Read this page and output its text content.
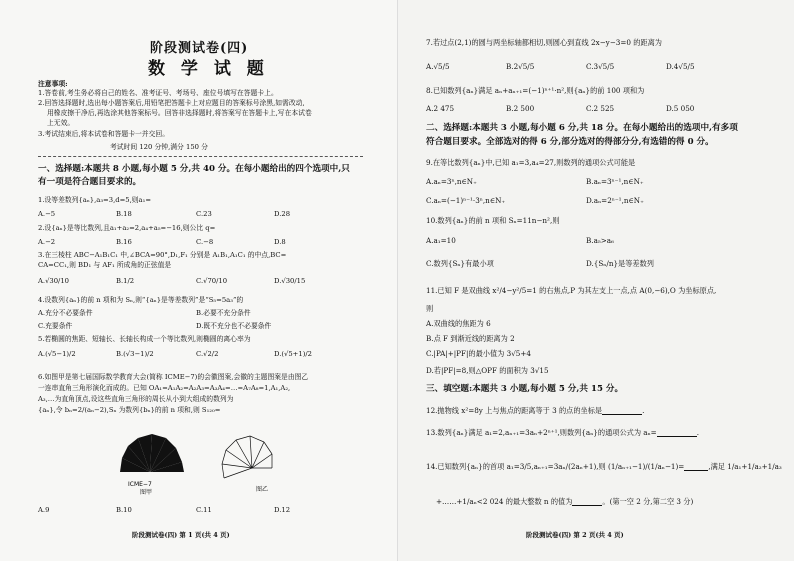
阶段测试卷(四)
数 学 试 题
注意事项:
1.答卷前,考生务必将自己的姓名、准考证号、考场号、座位号填写在答题卡上。
2.回答选择题时,选出每小题答案后,用铅笔把答题卡上对应题目的答案标号涂黑,如需改动,
用橡皮擦干净后,再选涂其他答案标号。回答非选择题时,将答案写在答题卡上,写在本试卷
上无效。
3.考试结束后,将本试卷和答题卡一并交回。
考试时间 120 分钟,满分 150 分
一、选择题:本题共 8 小题,每小题 5 分,共 40 分。在每小题给出的四个选项中,只
有一项是符合题目要求的。
1.设等差数列{aₙ},a₃=3,d=5,则a₁=
A.−5	B.18	C.23	D.28
2.设{aₙ}是等比数列,且a₁+a₂=2,a₄+a₅=−16,则公比 q=
A.−2	B.16	C.−8	D.8
3.在三棱柱 ABC−A₁B₁C₁ 中,∠BCA=90°,D₁,F₁ 分别是 A₁B₁,A₁C₁ 的中点,BC=
CA=CC₁,则 BD₁ 与 AF₁ 所成角的正弦值是
A.√30/10	B.1/2	C.√70/10	D.√30/15
4.设数列{aₙ}的前 n 项和为 Sₙ,则“{aₙ}是等差数列”是“S₅=5a₃”的
A.充分不必要条件	B.必要不充分条件
C.充要条件	D.既不充分也不必要条件
5.若椭圆的焦距、短轴长、长轴长构成一个等比数列,则椭圆的离心率为
A.(√5−1)/2	B.(√3−1)/2	C.√2/2	D.(√5+1)/2
6.如图甲是第七届国际数学教育大会(简称 ICME−7)的会徽图案,会徽的主题图案是由图乙
一连串直角三角形演化而成的。已知 OA₁=A₁A₂=A₂A₃=A₃A₄=…=A₇A₈=1,A₁,A₂,
A₃,…为直角顶点,设这些直角三角形的周长从小到大组成的数列为
{aₙ},令 bₙ=2/(aₙ−2),Sₙ 为数列{bₙ}的前 n 项和,则 S₁₂₀=
ICME−7
图甲	图乙
A.9	B.10	C.11	D.12
阶段测试卷(四) 第 1 页(共 4 页)
7.若过点(2,1)的圆与两坐标轴都相切,则圆心到直线 2x−y−3=0 的距离为
A.√5/5	B.2√5/5	C.3√5/5	D.4√5/5
8.已知数列{aₙ}满足 aₙ+aₙ₊₁=(−1)ⁿ⁺¹·n²,则{aₙ}的前 100 项和为
A.2 475	B.2 500	C.2 525	D.5 050
二、选择题:本题共 3 小题,每小题 6 分,共 18 分。在每小题给出的选项中,有多项
符合题目要求。全部选对的得 6 分,部分选对的得部分分,有选错的得 0 分。
9.在等比数列{aₙ}中,已知 a₁=3,a₄=27,则数列的通项公式可能是
A.aₙ=3ⁿ,n∈N₊	B.aₙ=3ⁿ⁻¹,n∈N₊
C.aₙ=(−1)ⁿ⁻¹·3ⁿ,n∈N₊	D.aₙ=2ⁿ⁻¹,n∈N₊
10.数列{aₙ}的前 n 项和 Sₙ=11n−n²,则
A.a₁=10	B.a₅>a₆
C.数列{Sₙ}有最小项	D.{Sₙ/n}是等差数列
11.已知 F 是双曲线 x²/4−y²/5=1 的右焦点,P 为其左支上一点,点 A(0,−6),O 为坐标原点,
则
A.双曲线的焦距为 6
B.点 F 到渐近线的距离为 2
C.|PA|+|PF|的最小值为 3√5+4
D.若|PF|=8,则△OPF 的面积为 3√15
三、填空题:本题共 3 小题,每小题 5 分,共 15 分。
12.抛物线 x²=8y 上与焦点的距离等于 3 的点的坐标是	.
13.数列{aₙ}满足 a₁=2,aₙ₊₁=3aₙ+2ⁿ⁺¹,则数列{aₙ}的通项公式为 aₙ=	.
14.已知数列{aₙ}的首项 a₁=3/5,aₙ₊₁=3aₙ/(2aₙ+1),则 (1/aₙ₊₁−1)/(1/aₙ−1)=	,满足 1/a₁+1/a₂+1/a₃
+……+1/aₙ<2 024 的最大整数 n 的值为	。(第一空 2 分,第二空 3 分)
阶段测试卷(四) 第 2 页(共 4 页)
